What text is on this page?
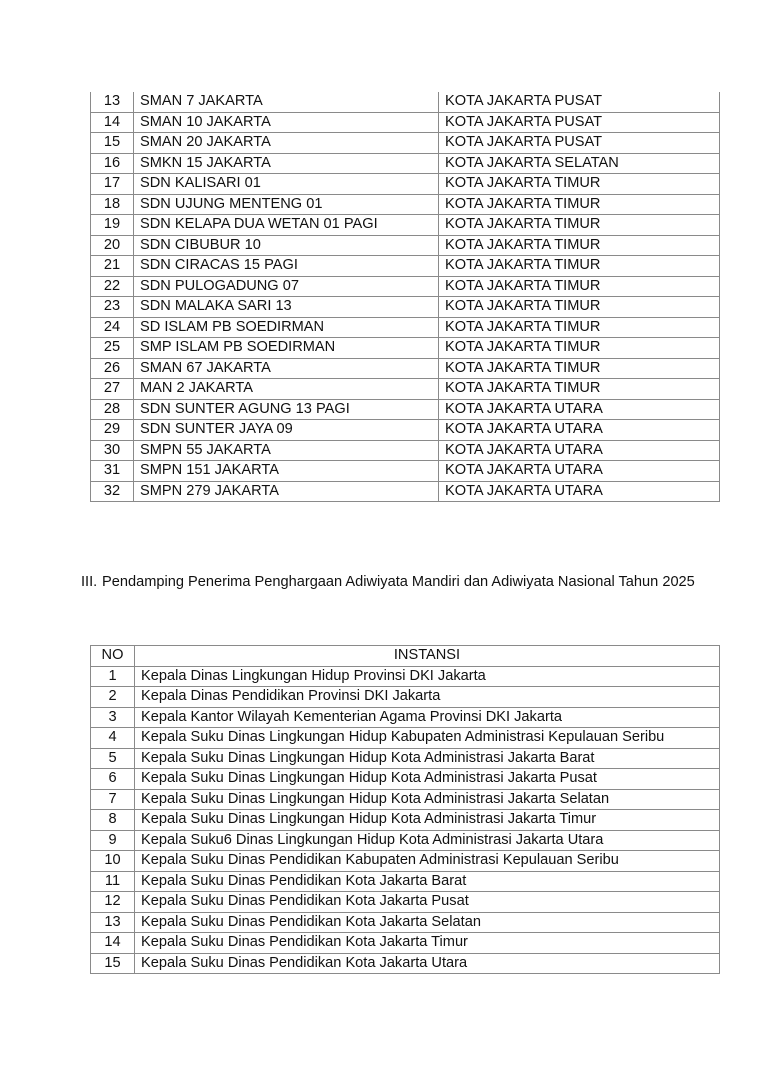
13	SMAN 7 JAKARTA	KOTA JAKARTA PUSAT
14	SMAN 10 JAKARTA	KOTA JAKARTA PUSAT
15	SMAN 20 JAKARTA	KOTA JAKARTA PUSAT
16	SMKN 15 JAKARTA	KOTA JAKARTA SELATAN
17	SDN KALISARI 01	KOTA JAKARTA TIMUR
18	SDN UJUNG MENTENG 01	KOTA JAKARTA TIMUR
19	SDN KELAPA DUA WETAN 01 PAGI	KOTA JAKARTA TIMUR
20	SDN CIBUBUR 10	KOTA JAKARTA TIMUR
21	SDN CIRACAS 15 PAGI	KOTA JAKARTA TIMUR
22	SDN PULOGADUNG 07	KOTA JAKARTA TIMUR
23	SDN MALAKA SARI 13	KOTA JAKARTA TIMUR
24	SD ISLAM PB SOEDIRMAN	KOTA JAKARTA TIMUR
25	SMP ISLAM PB SOEDIRMAN	KOTA JAKARTA TIMUR
26	SMAN 67 JAKARTA	KOTA JAKARTA TIMUR
27	MAN 2 JAKARTA	KOTA JAKARTA TIMUR
28	SDN SUNTER AGUNG 13 PAGI	KOTA JAKARTA UTARA
29	SDN SUNTER JAYA 09	KOTA JAKARTA UTARA
30	SMPN 55 JAKARTA	KOTA JAKARTA UTARA
31	SMPN 151 JAKARTA	KOTA JAKARTA UTARA
32	SMPN 279 JAKARTA	KOTA JAKARTA UTARA
III. Pendamping Penerima Penghargaan Adiwiyata Mandiri dan Adiwiyata Nasional Tahun 2025
NO	INSTANSI
1	Kepala Dinas Lingkungan Hidup Provinsi DKI Jakarta
2	Kepala Dinas Pendidikan Provinsi DKI Jakarta
3	Kepala Kantor Wilayah Kementerian Agama Provinsi DKI Jakarta
4	Kepala Suku Dinas Lingkungan Hidup Kabupaten Administrasi Kepulauan Seribu
5	Kepala Suku Dinas Lingkungan Hidup Kota Administrasi Jakarta Barat
6	Kepala Suku Dinas Lingkungan Hidup Kota Administrasi Jakarta Pusat
7	Kepala Suku Dinas Lingkungan Hidup Kota Administrasi Jakarta Selatan
8	Kepala Suku Dinas Lingkungan Hidup Kota Administrasi Jakarta Timur
9	Kepala Suku6 Dinas Lingkungan Hidup Kota Administrasi Jakarta Utara
10	Kepala Suku Dinas Pendidikan Kabupaten Administrasi Kepulauan Seribu
11	Kepala Suku Dinas Pendidikan Kota Jakarta Barat
12	Kepala Suku Dinas Pendidikan Kota Jakarta Pusat
13	Kepala Suku Dinas Pendidikan Kota Jakarta Selatan
14	Kepala Suku Dinas Pendidikan Kota Jakarta Timur
15	Kepala Suku Dinas Pendidikan Kota Jakarta Utara
